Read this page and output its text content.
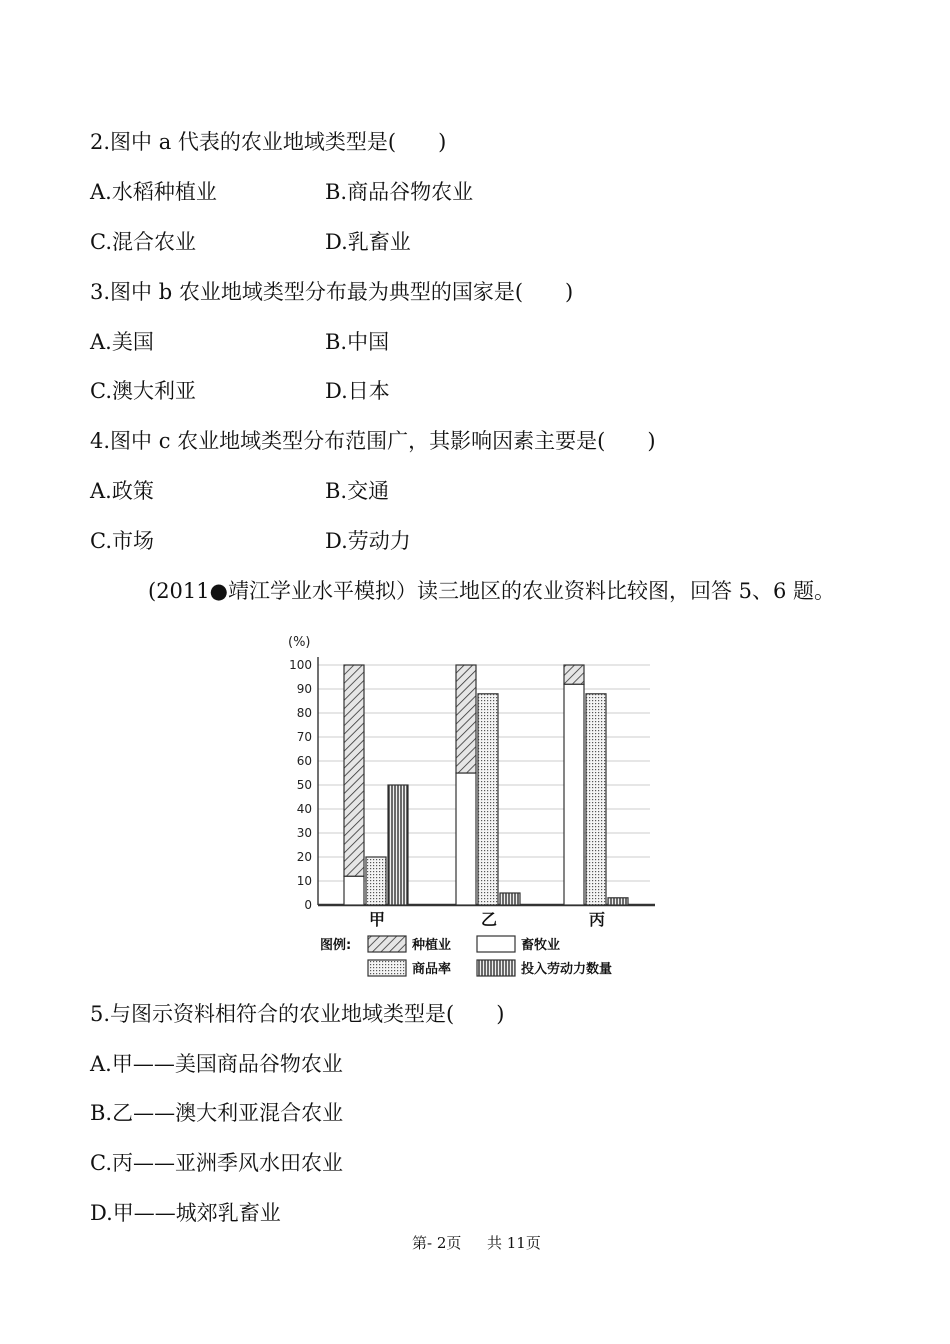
2.图中 a 代表的农业地域类型是(　　)
A.水稻种植业	B.商品谷物农业
C.混合农业	D.乳畜业
3.图中 b 农业地域类型分布最为典型的国家是(　　)
A.美国	B.中国
C.澳大利亚	D.日本
4.图中 c 农业地域类型分布范围广，其影响因素主要是(　　)
A.政策	B.交通
C.市场	D.劳动力
(2011●靖江学业水平模拟）读三地区的农业资料比较图，回答 5、6 题。
0
10
20
30
40
50
60
70
80
90
100
(%)
甲	乙	丙
图例:	种植业	畜牧业
商品率	投入劳动力数量
5.与图示资料相符合的农业地域类型是(　　)
A.甲——美国商品谷物农业
B.乙——澳大利亚混合农业
C.丙——亚洲季风水田农业
D.甲——城郊乳畜业
第- 2页 共 11页
